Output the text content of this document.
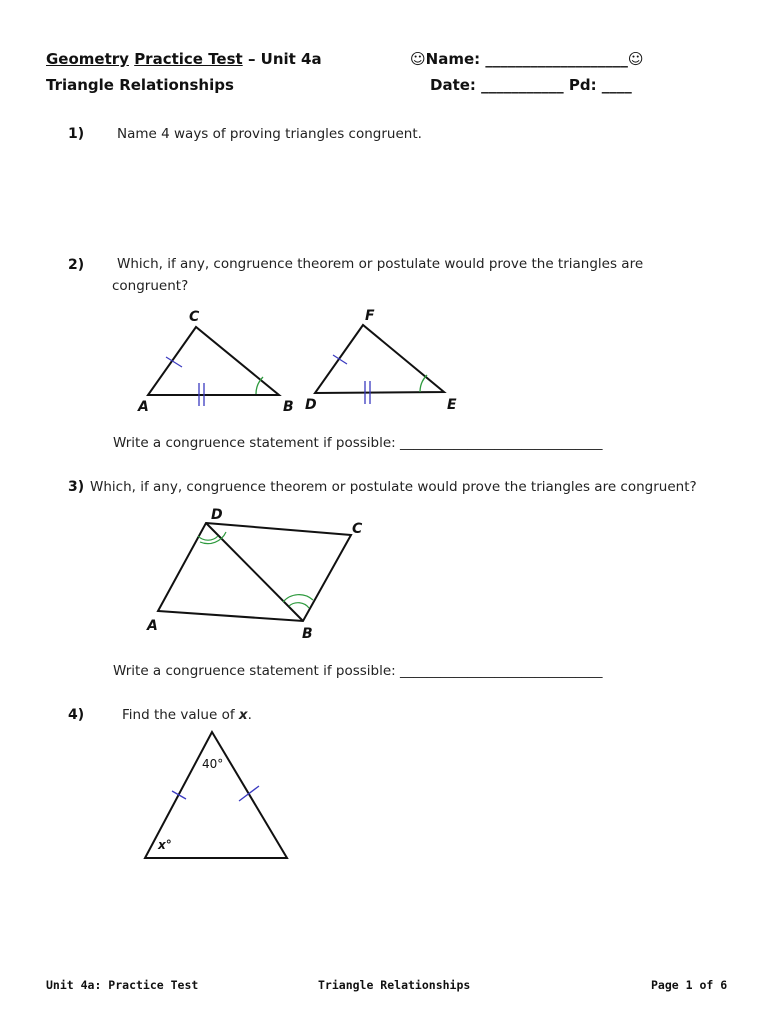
Geometry Practice Test – Unit 4a
Triangle Relationships
☺Name: ___________________☺
Date: ___________ Pd: ____
1) Name 4 ways of proving triangles congruent.
2) Which, if any, congruence theorem or postulate would prove the triangles are
congruent?
C
A	B
F
D	E
Write a congruence statement if possible: ______________________________
3) Which, if any, congruence theorem or postulate would prove the triangles are congruent?
D
C
A	B
Write a congruence statement if possible: ______________________________
4)	Find the value of x.
40°
x°
Unit 4a: Practice Test	Triangle Relationships	Page 1 of 6
